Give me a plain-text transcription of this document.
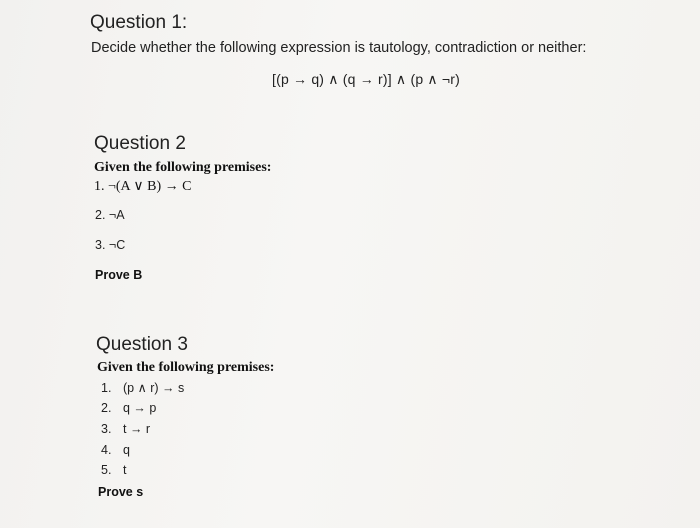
Question 1:
Decide whether the following expression is tautology, contradiction or neither:
[(p → q) ∧ (q → r)] ∧ (p ∧ ¬r)
Question 2
Given the following premises:
1. ¬(A ∨ B) → C
2. ¬A
3. ¬C
Prove B
Question 3
Given the following premises:
1. (p ∧ r) → s
2. q → p
3. t → r
4. q
5. t
Prove s
